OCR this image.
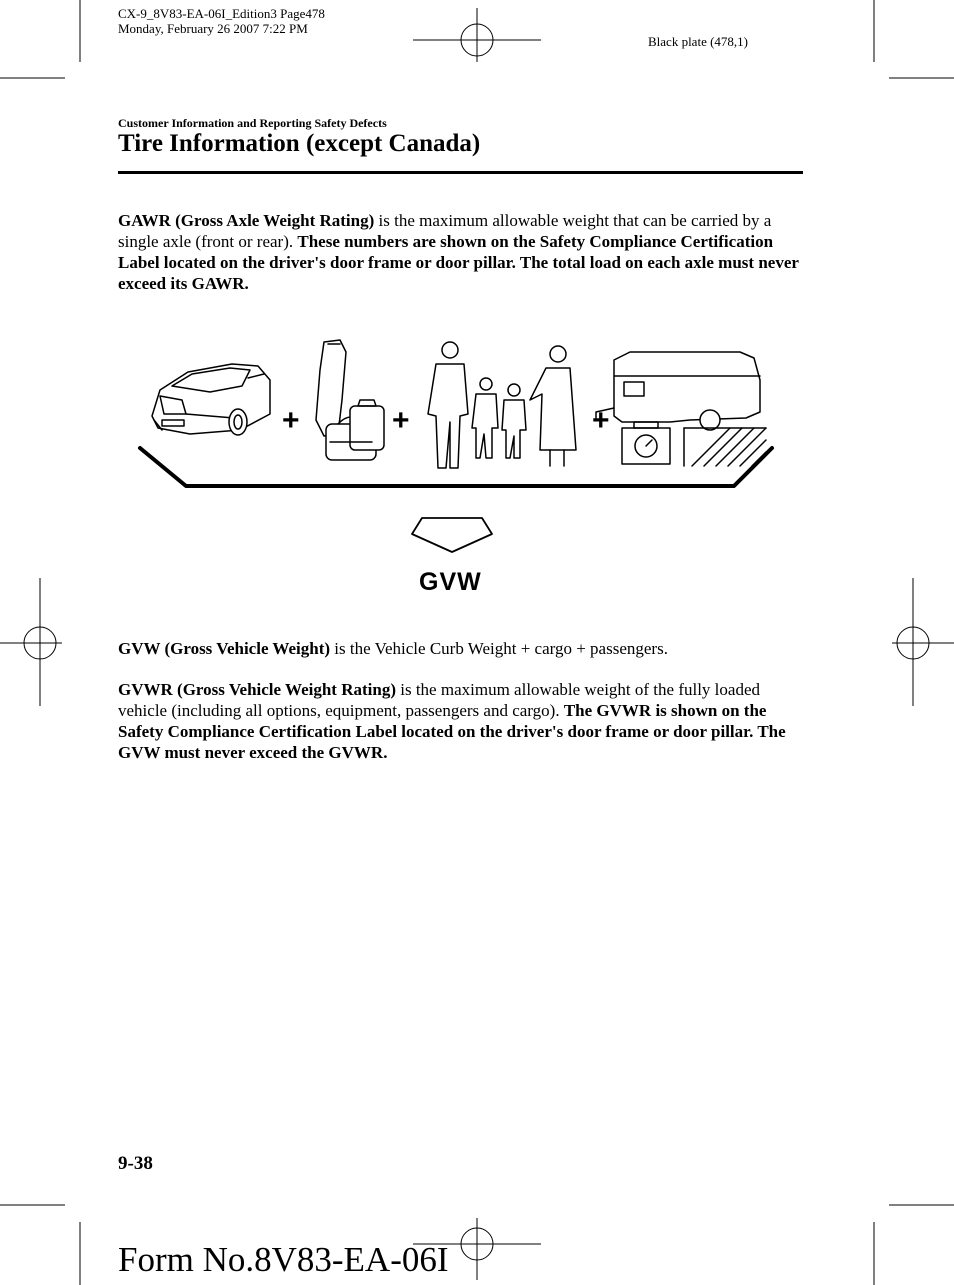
CX-9_8V83-EA-06I_Edition3 Page478
Monday, February 26 2007 7:22 PM
Black plate (478,1)
Customer Information and Reporting Safety Defects
Tire Information (except Canada)
GAWR (Gross Axle Weight Rating) is the maximum allowable weight that can be carried by a single axle (front or rear). These numbers are shown on the Safety Compliance Certification Label located on the driver's door frame or door pillar. The total load on each axle must never exceed its GAWR.
+	+	+
GVW
GVW (Gross Vehicle Weight) is the Vehicle Curb Weight + cargo + passengers.
GVWR (Gross Vehicle Weight Rating) is the maximum allowable weight of the fully loaded vehicle (including all options, equipment, passengers and cargo). The GVWR is shown on the Safety Compliance Certification Label located on the driver's door frame or door pillar. The GVW must never exceed the GVWR.
9-38
Form No.8V83-EA-06I
